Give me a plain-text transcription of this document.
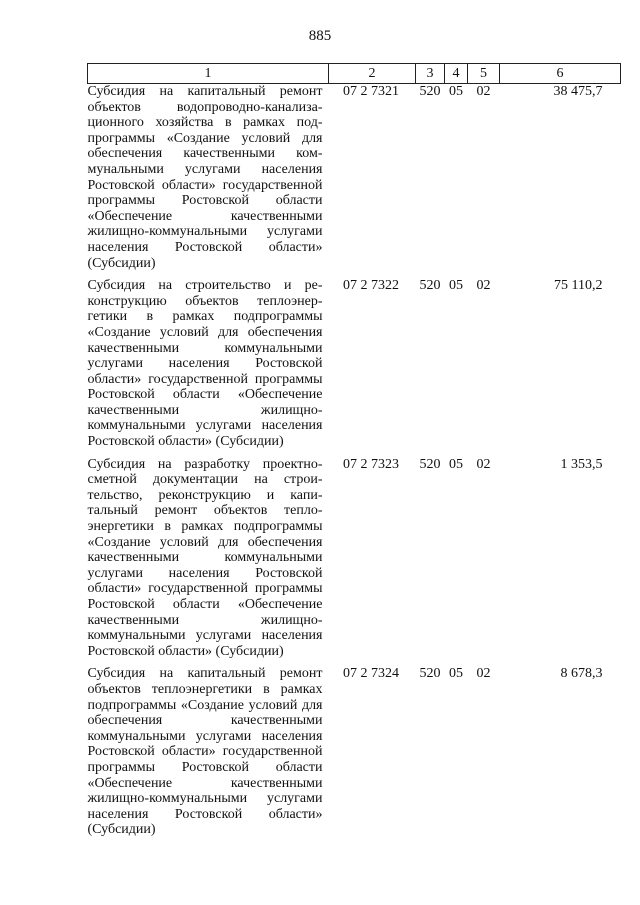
885
1	2	3	4	5	6
Субсидия на капитальный ремонт объектов водопроводно-канализационного хозяйства в рамках подпрограммы «Создание условий для обеспечения качественными коммунальными услугами населения Ростовской области» государственной программы Ростовской области «Обеспечение качественными жилищно-коммунальными услугами населения Ростовской области» (Субсидии)	07 2 7321	520	05	02	38 475,7
Субсидия на строительство и реконструкцию объектов теплоэнергетики в рамках подпрограммы «Создание условий для обеспечения качественными коммунальными услугами населения Ростовской области» государственной программы Ростовской области «Обеспечение качественными жилищно-коммунальными услугами населения Ростовской области» (Субсидии)	07 2 7322	520	05	02	75 110,2
Субсидия на разработку проектно-сметной документации на строительство, реконструкцию и капитальный ремонт объектов теплоэнергетики в рамках подпрограммы «Создание условий для обеспечения качественными коммунальными услугами населения Ростовской области» государственной программы Ростовской области «Обеспечение качественными жилищно-коммунальными услугами населения Ростовской области» (Субсидии)	07 2 7323	520	05	02	1 353,5
Субсидия на капитальный ремонт объектов теплоэнергетики в рамках подпрограммы «Создание условий для обеспечения качественными коммунальными услугами населения Ростовской области» государственной программы Ростовской области «Обеспечение качественными жилищно-коммунальными услугами населения Ростовской области» (Субсидии)	07 2 7324	520	05	02	8 678,3
